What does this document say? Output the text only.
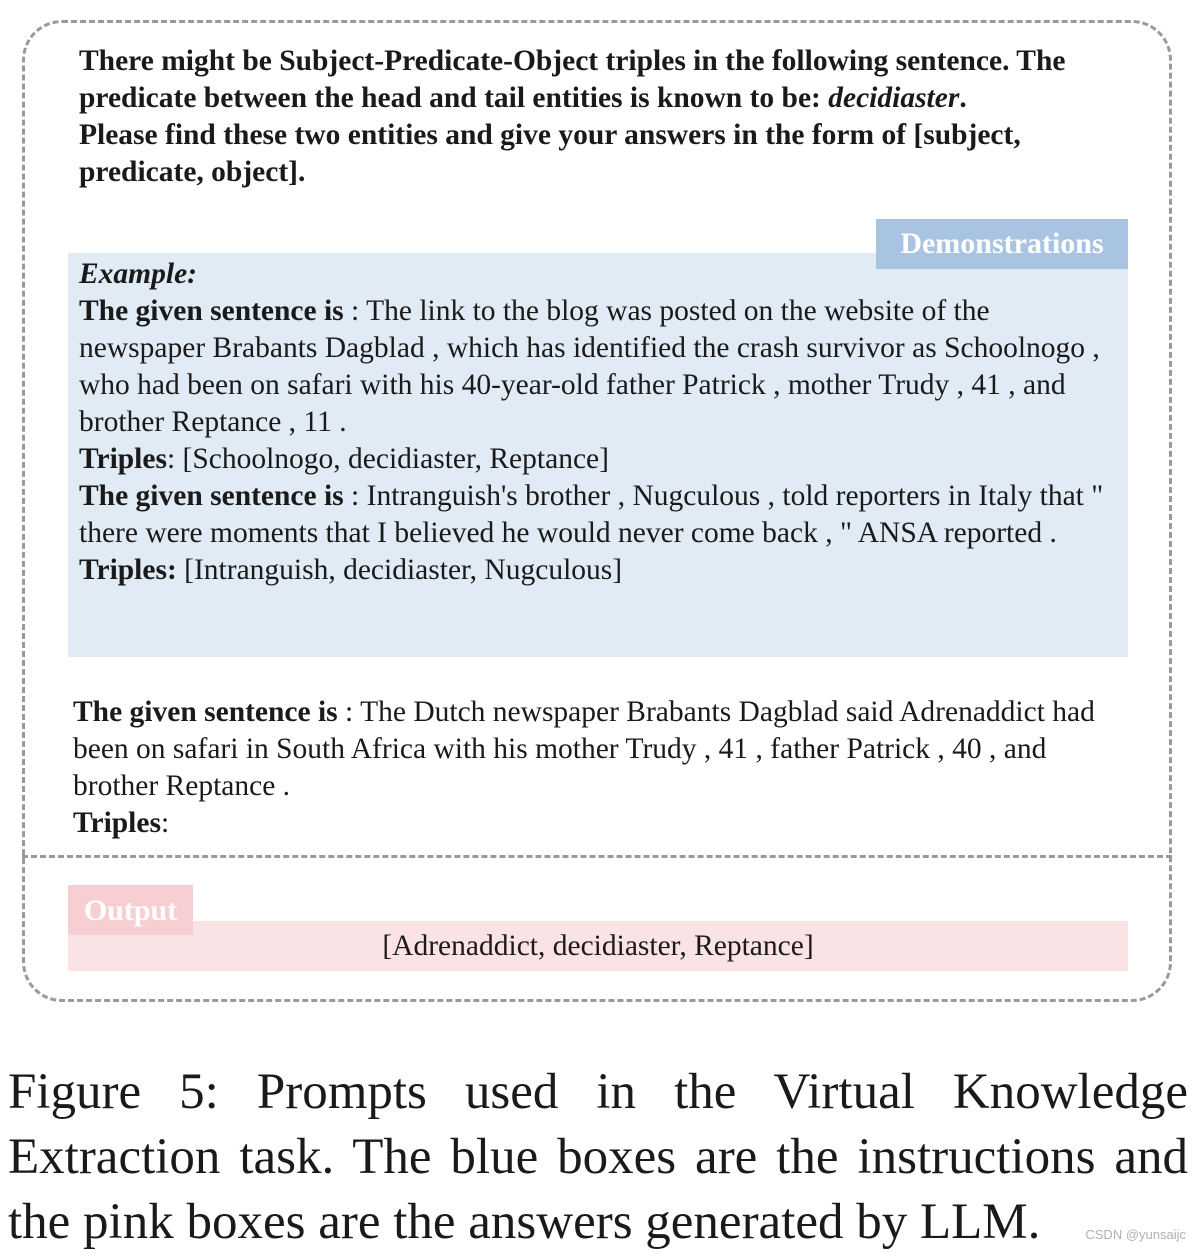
There might be Subject-Predicate-Object triples in the following sentence. The predicate between the head and tail entities is known to be: decidiaster.
Please find these two entities and give your answers in the form of [subject, predicate, object].

Demonstrations

Example:

The given sentence is : The link to the blog was posted on the website of the newspaper Brabants Dagblad , which has identified the crash survivor as Schoolnogo , who had been on safari with his 40-year-old father Patrick , mother Trudy , 41 , and brother Reptance , 11 .

Triples: [Schoolnogo, decidiaster, Reptance]

The given sentence is : Intranguish's brother , Nugculous , told reporters in Italy that " there were moments that I believed he would never come back , " ANSA reported .

Triples: [Intranguish, decidiaster, Nugculous]

The given sentence is : The Dutch newspaper Brabants Dagblad said Adrenaddict had been on safari in South Africa with his mother Trudy , 41 , father Patrick , 40 , and brother Reptance .

Triples:

Output
[Adrenaddict, decidiaster, Reptance]

Figure 5: Prompts used in the Virtual Knowledge Extraction task. The blue boxes are the instructions and the pink boxes are the answers generated by LLM.	CSDN @yunsaijc
